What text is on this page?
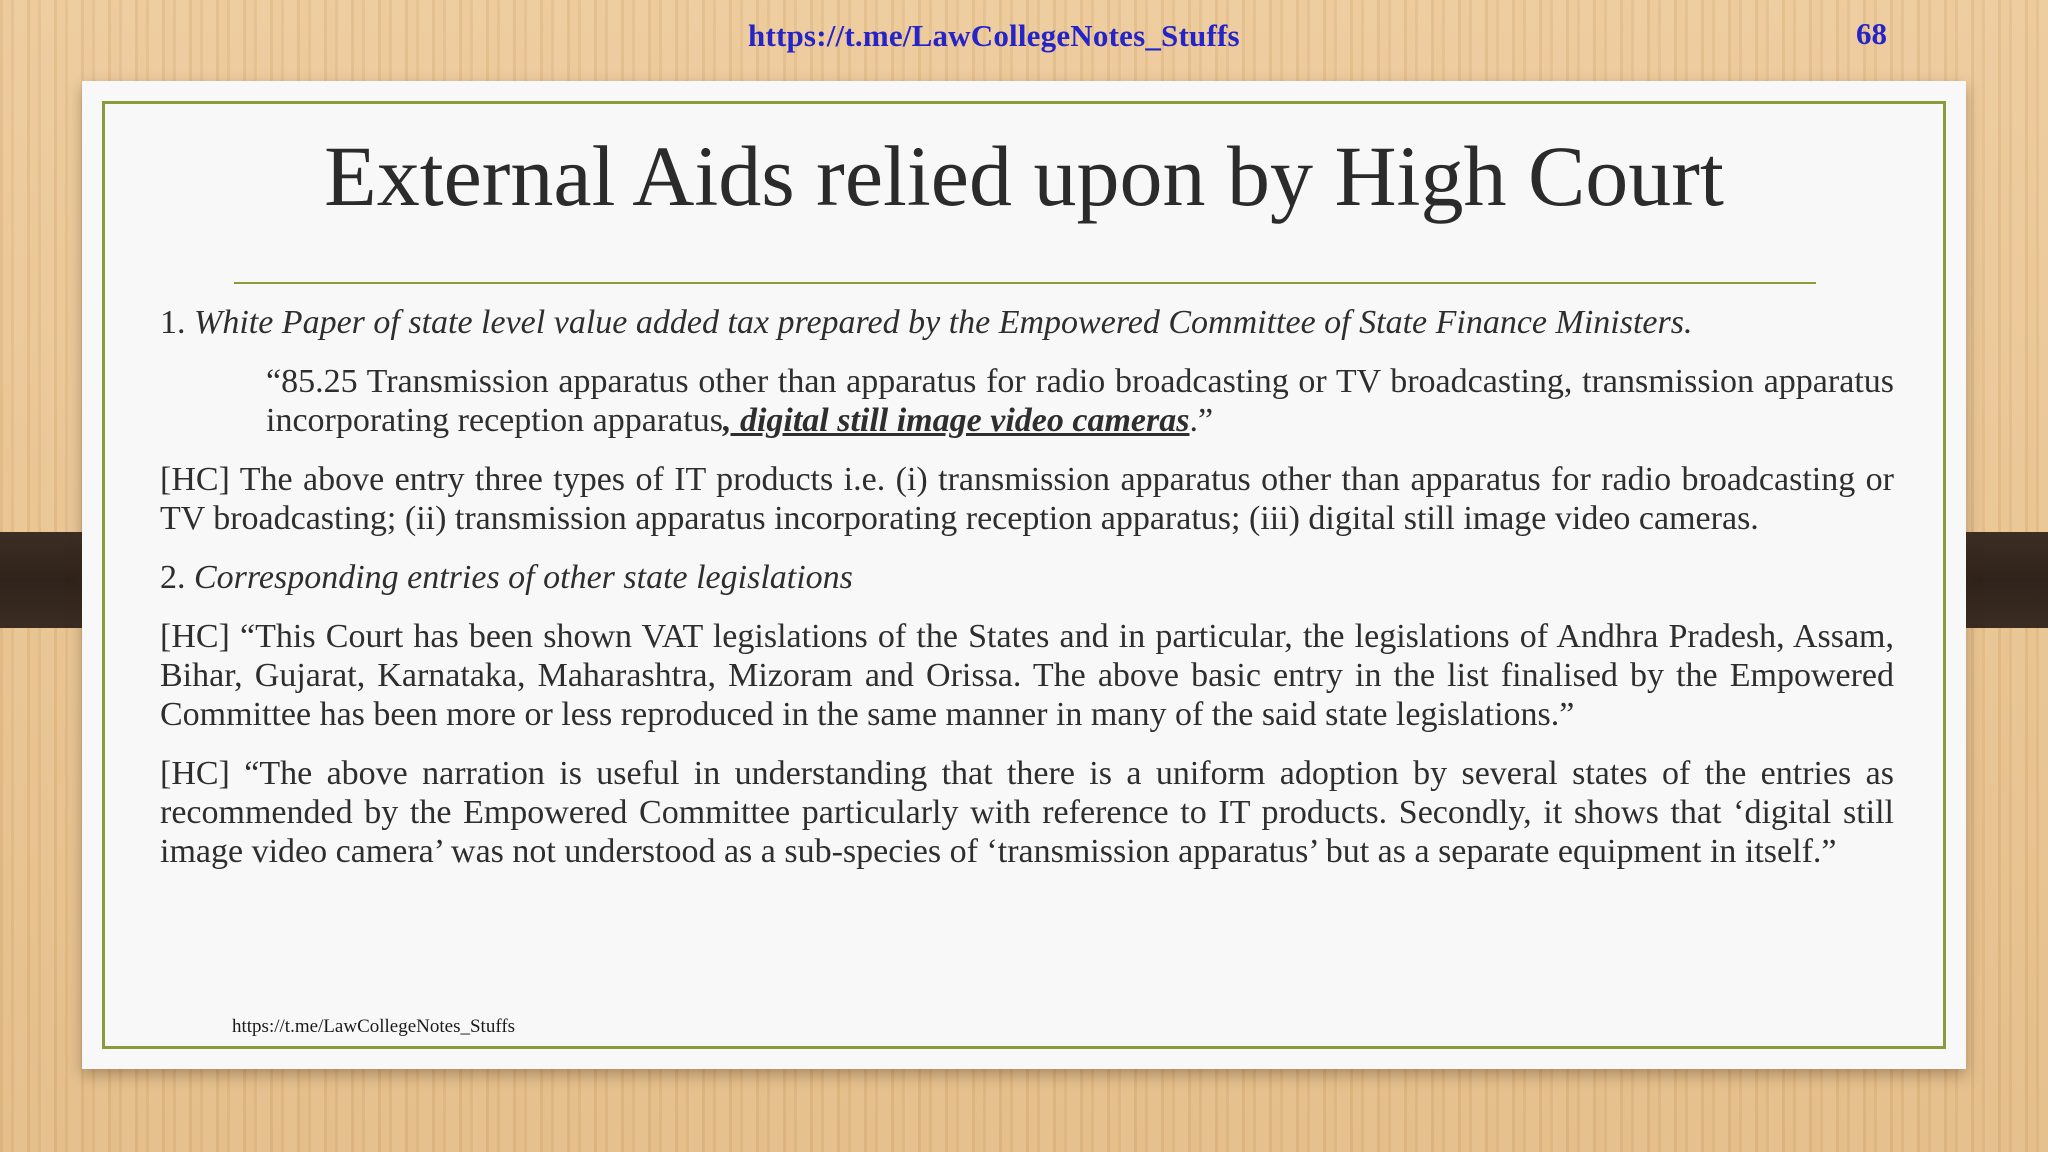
https://t.me/LawCollegeNotes_Stuffs	68
External Aids relied upon by High Court

1. White Paper of state level value added tax prepared by the Empowered Committee of State Finance Ministers.

“85.25 Transmission apparatus other than apparatus for radio broadcasting or TV broadcasting, transmission apparatus incorporating reception apparatus, digital still image video cameras.”

[HC] The above entry three types of IT products i.e. (i) transmission apparatus other than apparatus for radio broadcasting or TV broadcasting; (ii) transmission apparatus incorporating reception apparatus; (iii) digital still image video cameras.

2. Corresponding entries of other state legislations

[HC] “This Court has been shown VAT legislations of the States and in particular, the legislations of Andhra Pradesh, Assam, Bihar, Gujarat, Karnataka, Maharashtra, Mizoram and Orissa. The above basic entry in the list finalised by the Empowered Committee has been more or less reproduced in the same manner in many of the said state legislations.”

[HC] “The above narration is useful in understanding that there is a uniform adoption by several states of the entries as recommended by the Empowered Committee particularly with reference to IT products. Secondly, it shows that ‘digital still image video camera’ was not understood as a sub-species of ‘transmission apparatus’ but as a separate equipment in itself.”

https://t.me/LawCollegeNotes_Stuffs
